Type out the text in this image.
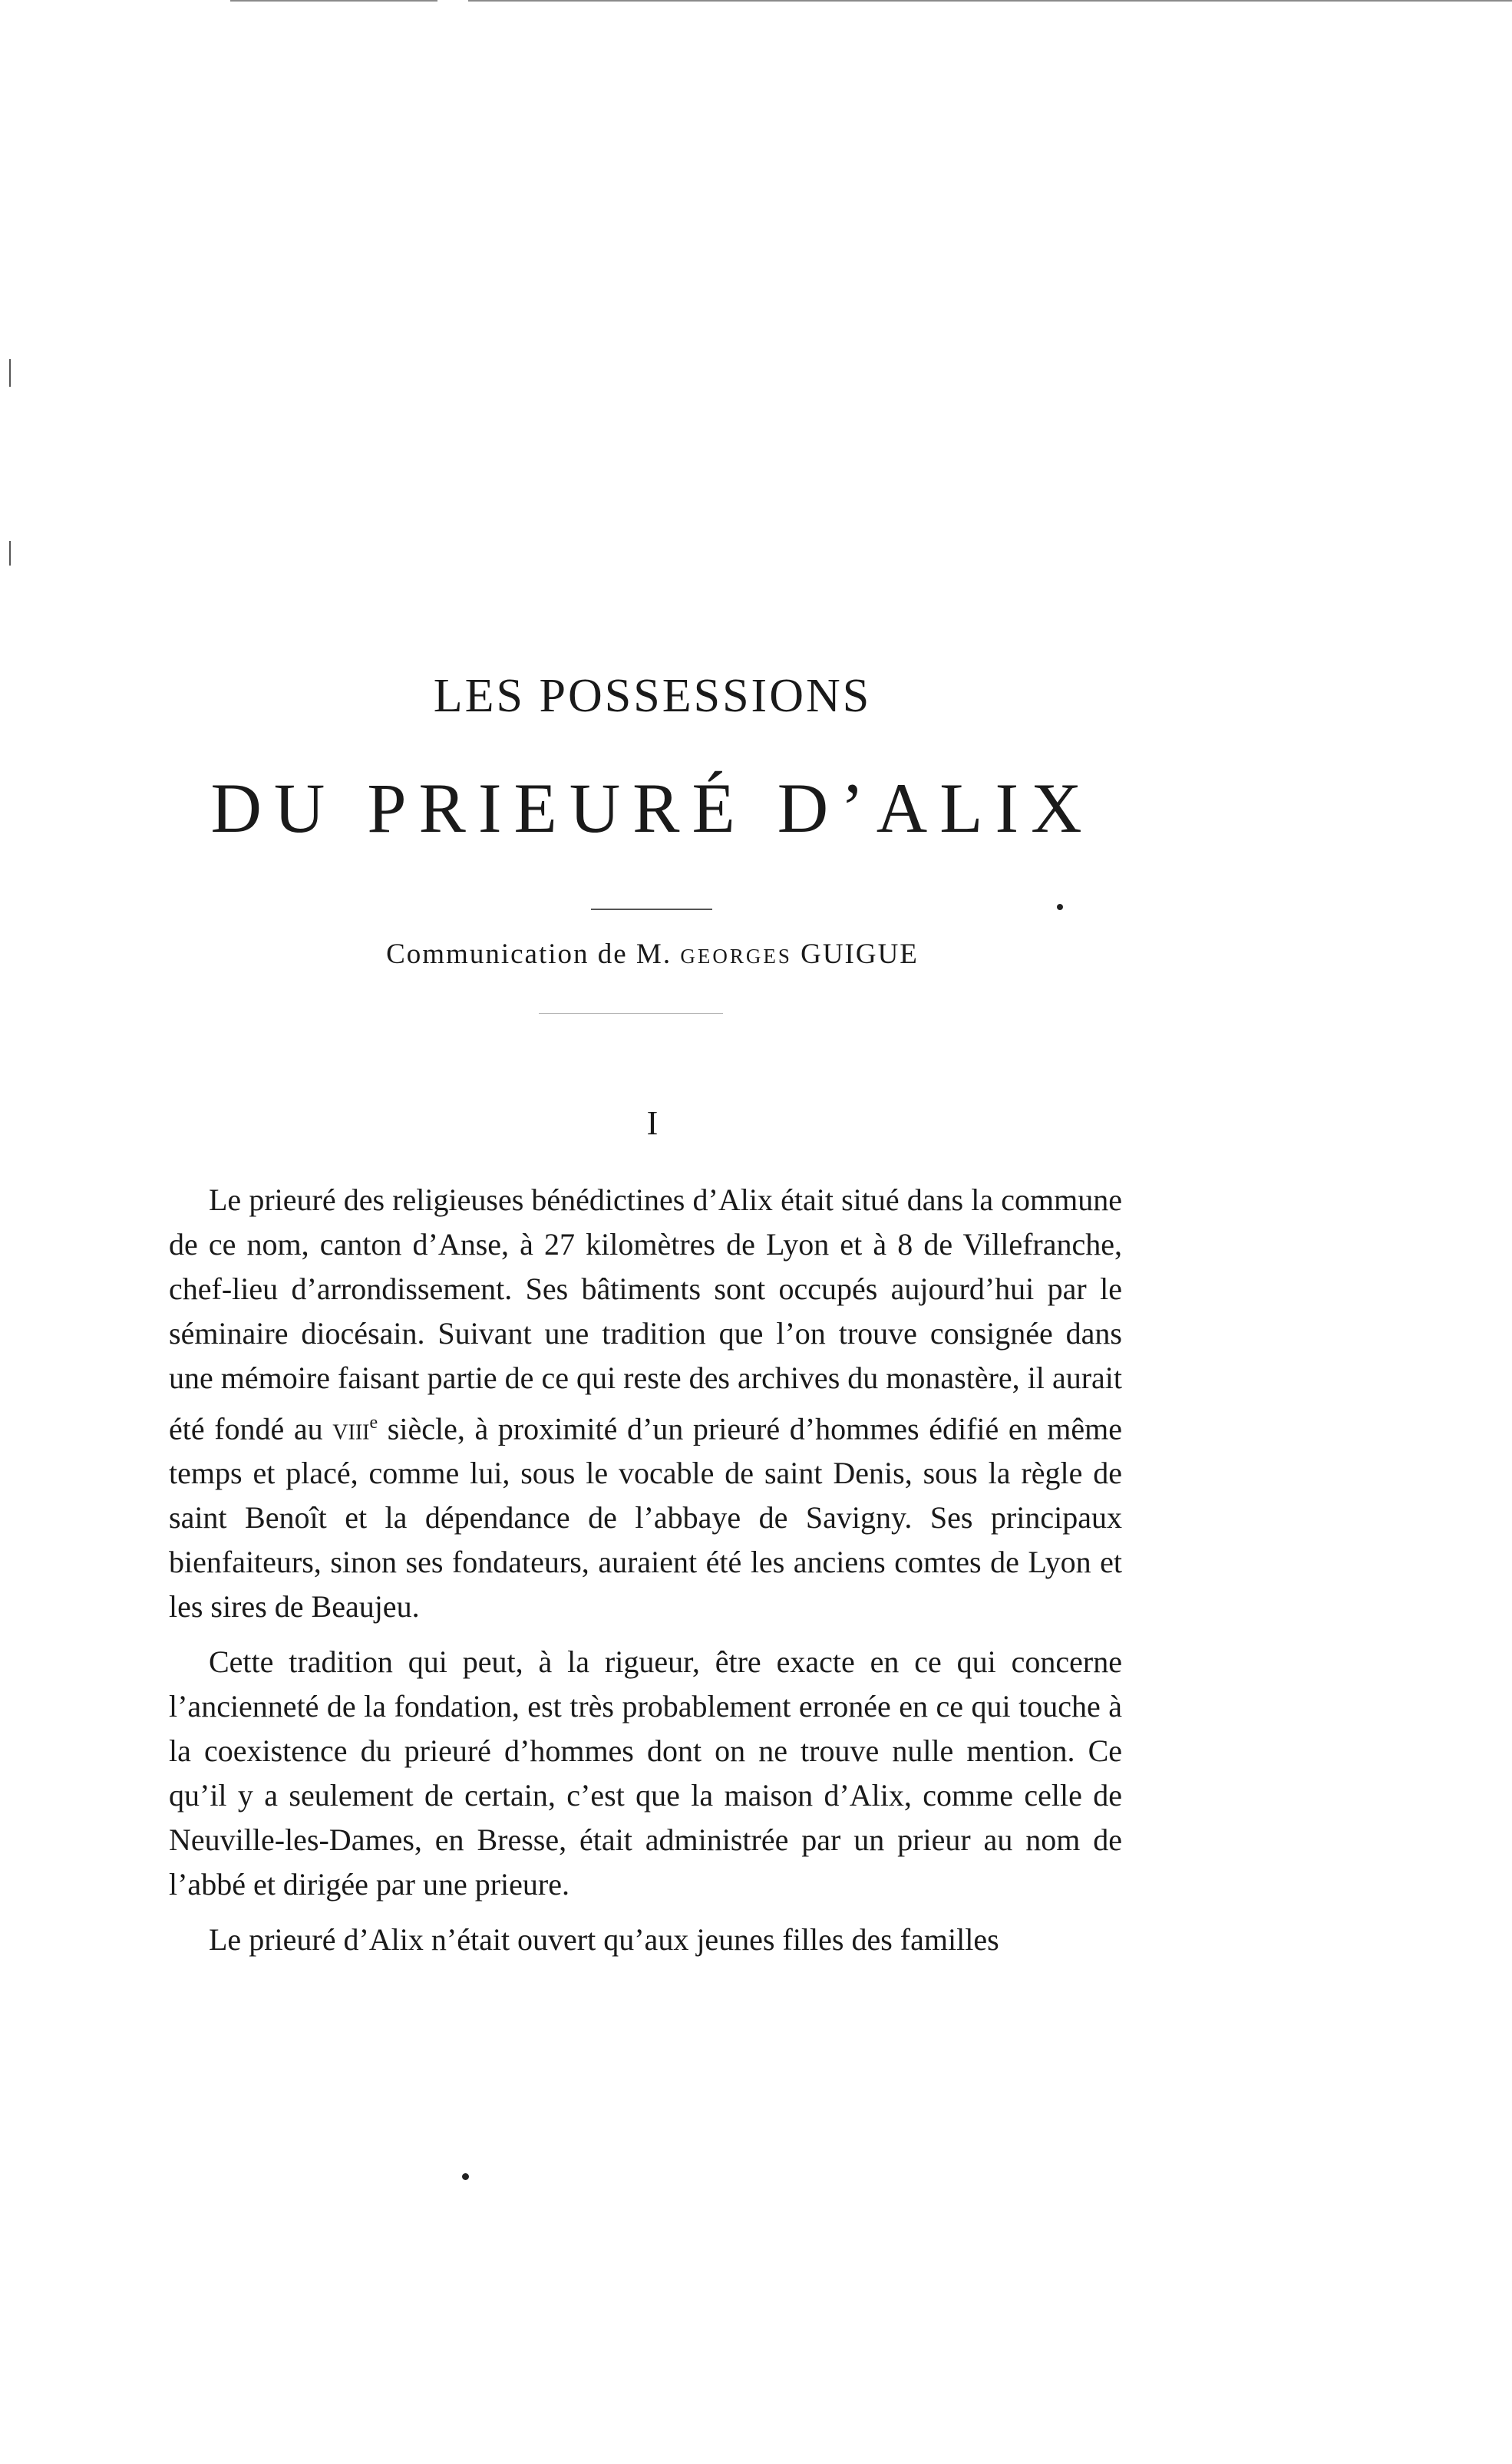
LES POSSESSIONS
DU PRIEURÉ D’ALIX
Communication de M. GEORGES GUIGUE
I

Le prieuré des religieuses bénédictines d’Alix était situé dans la commune de ce nom, canton d’Anse, à 27 kilomètres de Lyon et à 8 de Villefranche, chef-lieu d’arrondissement. Ses bâtiments sont occupés aujourd’hui par le séminaire diocésain. Suivant une tradition que l’on trouve consignée dans une mémoire faisant partie de ce qui reste des archives du monastère, il aurait été fondé au viii$^e$ siècle, à proximité d’un prieuré d’hommes édifié en même temps et placé, comme lui, sous le vocable de saint Denis, sous la règle de saint Benoît et la dépendance de l’abbaye de Savigny. Ses principaux bienfaiteurs, sinon ses fondateurs, auraient été les anciens comtes de Lyon et les sires de Beaujeu.

Cette tradition qui peut, à la rigueur, être exacte en ce qui concerne l’ancienneté de la fondation, est très probablement erronée en ce qui touche à la coexistence du prieuré d’hommes dont on ne trouve nulle mention. Ce qu’il y a seulement de certain, c’est que la maison d’Alix, comme celle de Neuville-les-Dames, en Bresse, était administrée par un prieur au nom de l’abbé et dirigée par une prieure.

Le prieuré d’Alix n’était ouvert qu’aux jeunes filles des familles
